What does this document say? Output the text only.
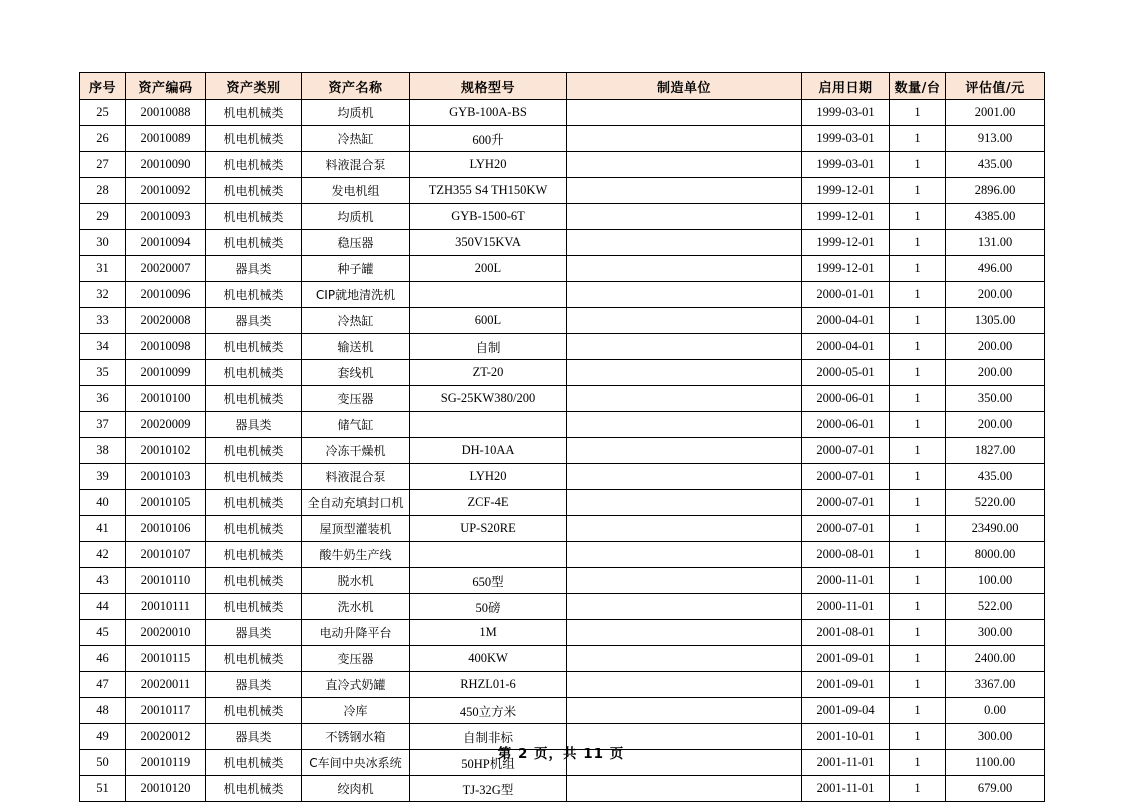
序号	资产编码	资产类别	资产名称	规格型号	制造单位	启用日期	数量/台	评估值/元
25	20010088	机电机械类	均质机	GYB-100A-BS		1999-03-01	1	2001.00
26	20010089	机电机械类	冷热缸	600升		1999-03-01	1	913.00
27	20010090	机电机械类	料液混合泵	LYH20		1999-03-01	1	435.00
28	20010092	机电机械类	发电机组	TZH355 S4 TH150KW		1999-12-01	1	2896.00
29	20010093	机电机械类	均质机	GYB-1500-6T		1999-12-01	1	4385.00
30	20010094	机电机械类	稳压器	350V15KVA		1999-12-01	1	131.00
31	20020007	器具类	种子罐	200L		1999-12-01	1	496.00
32	20010096	机电机械类	CIP就地清洗机			2000-01-01	1	200.00
33	20020008	器具类	冷热缸	600L		2000-04-01	1	1305.00
34	20010098	机电机械类	输送机	自制		2000-04-01	1	200.00
35	20010099	机电机械类	套线机	ZT-20		2000-05-01	1	200.00
36	20010100	机电机械类	变压器	SG-25KW380/200		2000-06-01	1	350.00
37	20020009	器具类	储气缸			2000-06-01	1	200.00
38	20010102	机电机械类	冷冻干燥机	DH-10AA		2000-07-01	1	1827.00
39	20010103	机电机械类	料液混合泵	LYH20		2000-07-01	1	435.00
40	20010105	机电机械类	全自动充填封口机	ZCF-4E		2000-07-01	1	5220.00
41	20010106	机电机械类	屋顶型灌装机	UP-S20RE		2000-07-01	1	23490.00
42	20010107	机电机械类	酸牛奶生产线			2000-08-01	1	8000.00
43	20010110	机电机械类	脱水机	650型		2000-11-01	1	100.00
44	20010111	机电机械类	洗水机	50磅		2000-11-01	1	522.00
45	20020010	器具类	电动升降平台	1M		2001-08-01	1	300.00
46	20010115	机电机械类	变压器	400KW		2001-09-01	1	2400.00
47	20020011	器具类	直冷式奶罐	RHZL01-6		2001-09-01	1	3367.00
48	20010117	机电机械类	冷库	450立方米		2001-09-04	1	0.00
49	20020012	器具类	不锈钢水箱	自制非标		2001-10-01	1	300.00
50	20010119	机电机械类	C车间中央冰系统	50HP机组		2001-11-01	1	1100.00
51	20010120	机电机械类	绞肉机	TJ-32G型		2001-11-01	1	679.00
第 2 页，共 11 页
